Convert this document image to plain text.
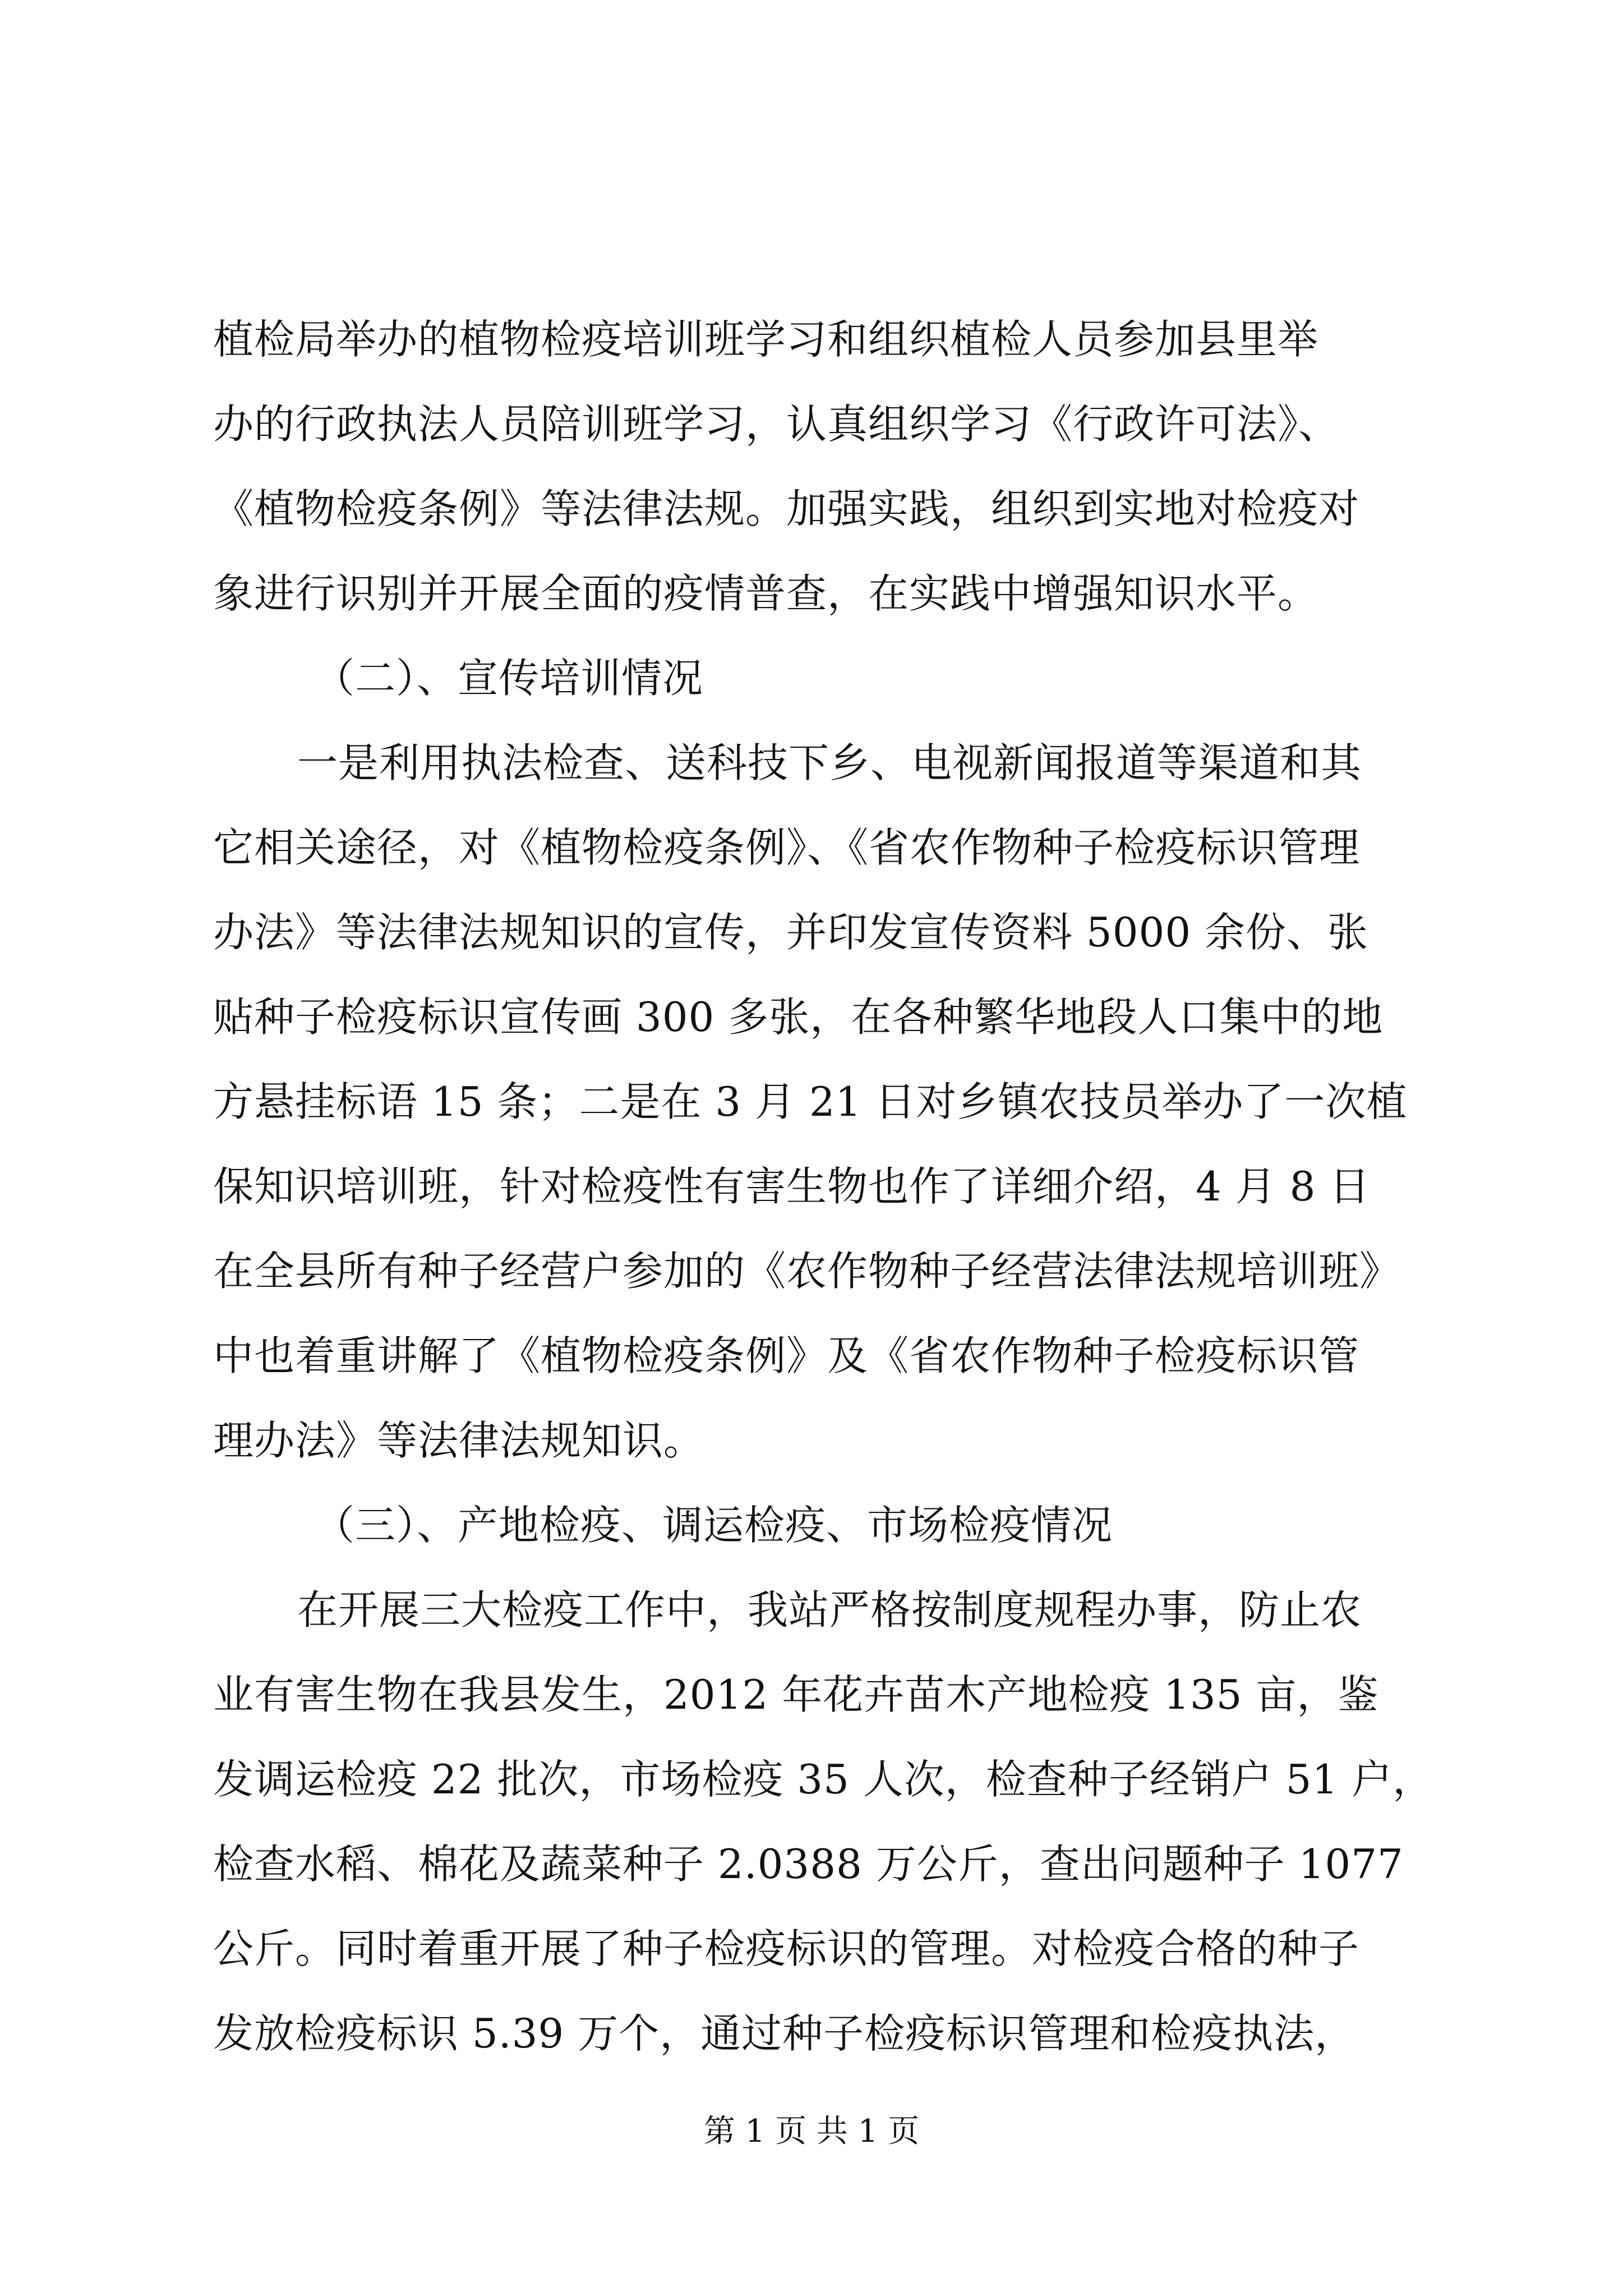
植检局举办的植物检疫培训班学习和组织植检人员参加县里举
办的行政执法人员陪训班学习，认真组织学习《行政许可法》、
《植物检疫条例》等法律法规。加强实践，组织到实地对检疫对
象进行识别并开展全面的疫情普查，在实践中增强知识水平。
（二）、宣传培训情况
一是利用执法检查、送科技下乡、电视新闻报道等渠道和其
它相关途径，对《植物检疫条例》、《省农作物种子检疫标识管理
办法》等法律法规知识的宣传，并印发宣传资料 5000 余份、张
贴种子检疫标识宣传画 300 多张，在各种繁华地段人口集中的地
方悬挂标语 15 条；二是在 3 月 21 日对乡镇农技员举办了一次植
保知识培训班，针对检疫性有害生物也作了详细介绍，4 月 8 日
在全县所有种子经营户参加的《农作物种子经营法律法规培训班》
中也着重讲解了《植物检疫条例》及《省农作物种子检疫标识管
理办法》等法律法规知识。
（三）、产地检疫、调运检疫、市场检疫情况
在开展三大检疫工作中，我站严格按制度规程办事，防止农
业有害生物在我县发生，2012 年花卉苗木产地检疫 135 亩，鉴
发调运检疫 22 批次，市场检疫 35 人次，检查种子经销户 51 户，
检查水稻、棉花及蔬菜种子 2.0388 万公斤，查出问题种子 1077
公斤。同时着重开展了种子检疫标识的管理。对检疫合格的种子
发放检疫标识 5.39 万个，通过种子检疫标识管理和检疫执法，
第 1 页 共 1 页
